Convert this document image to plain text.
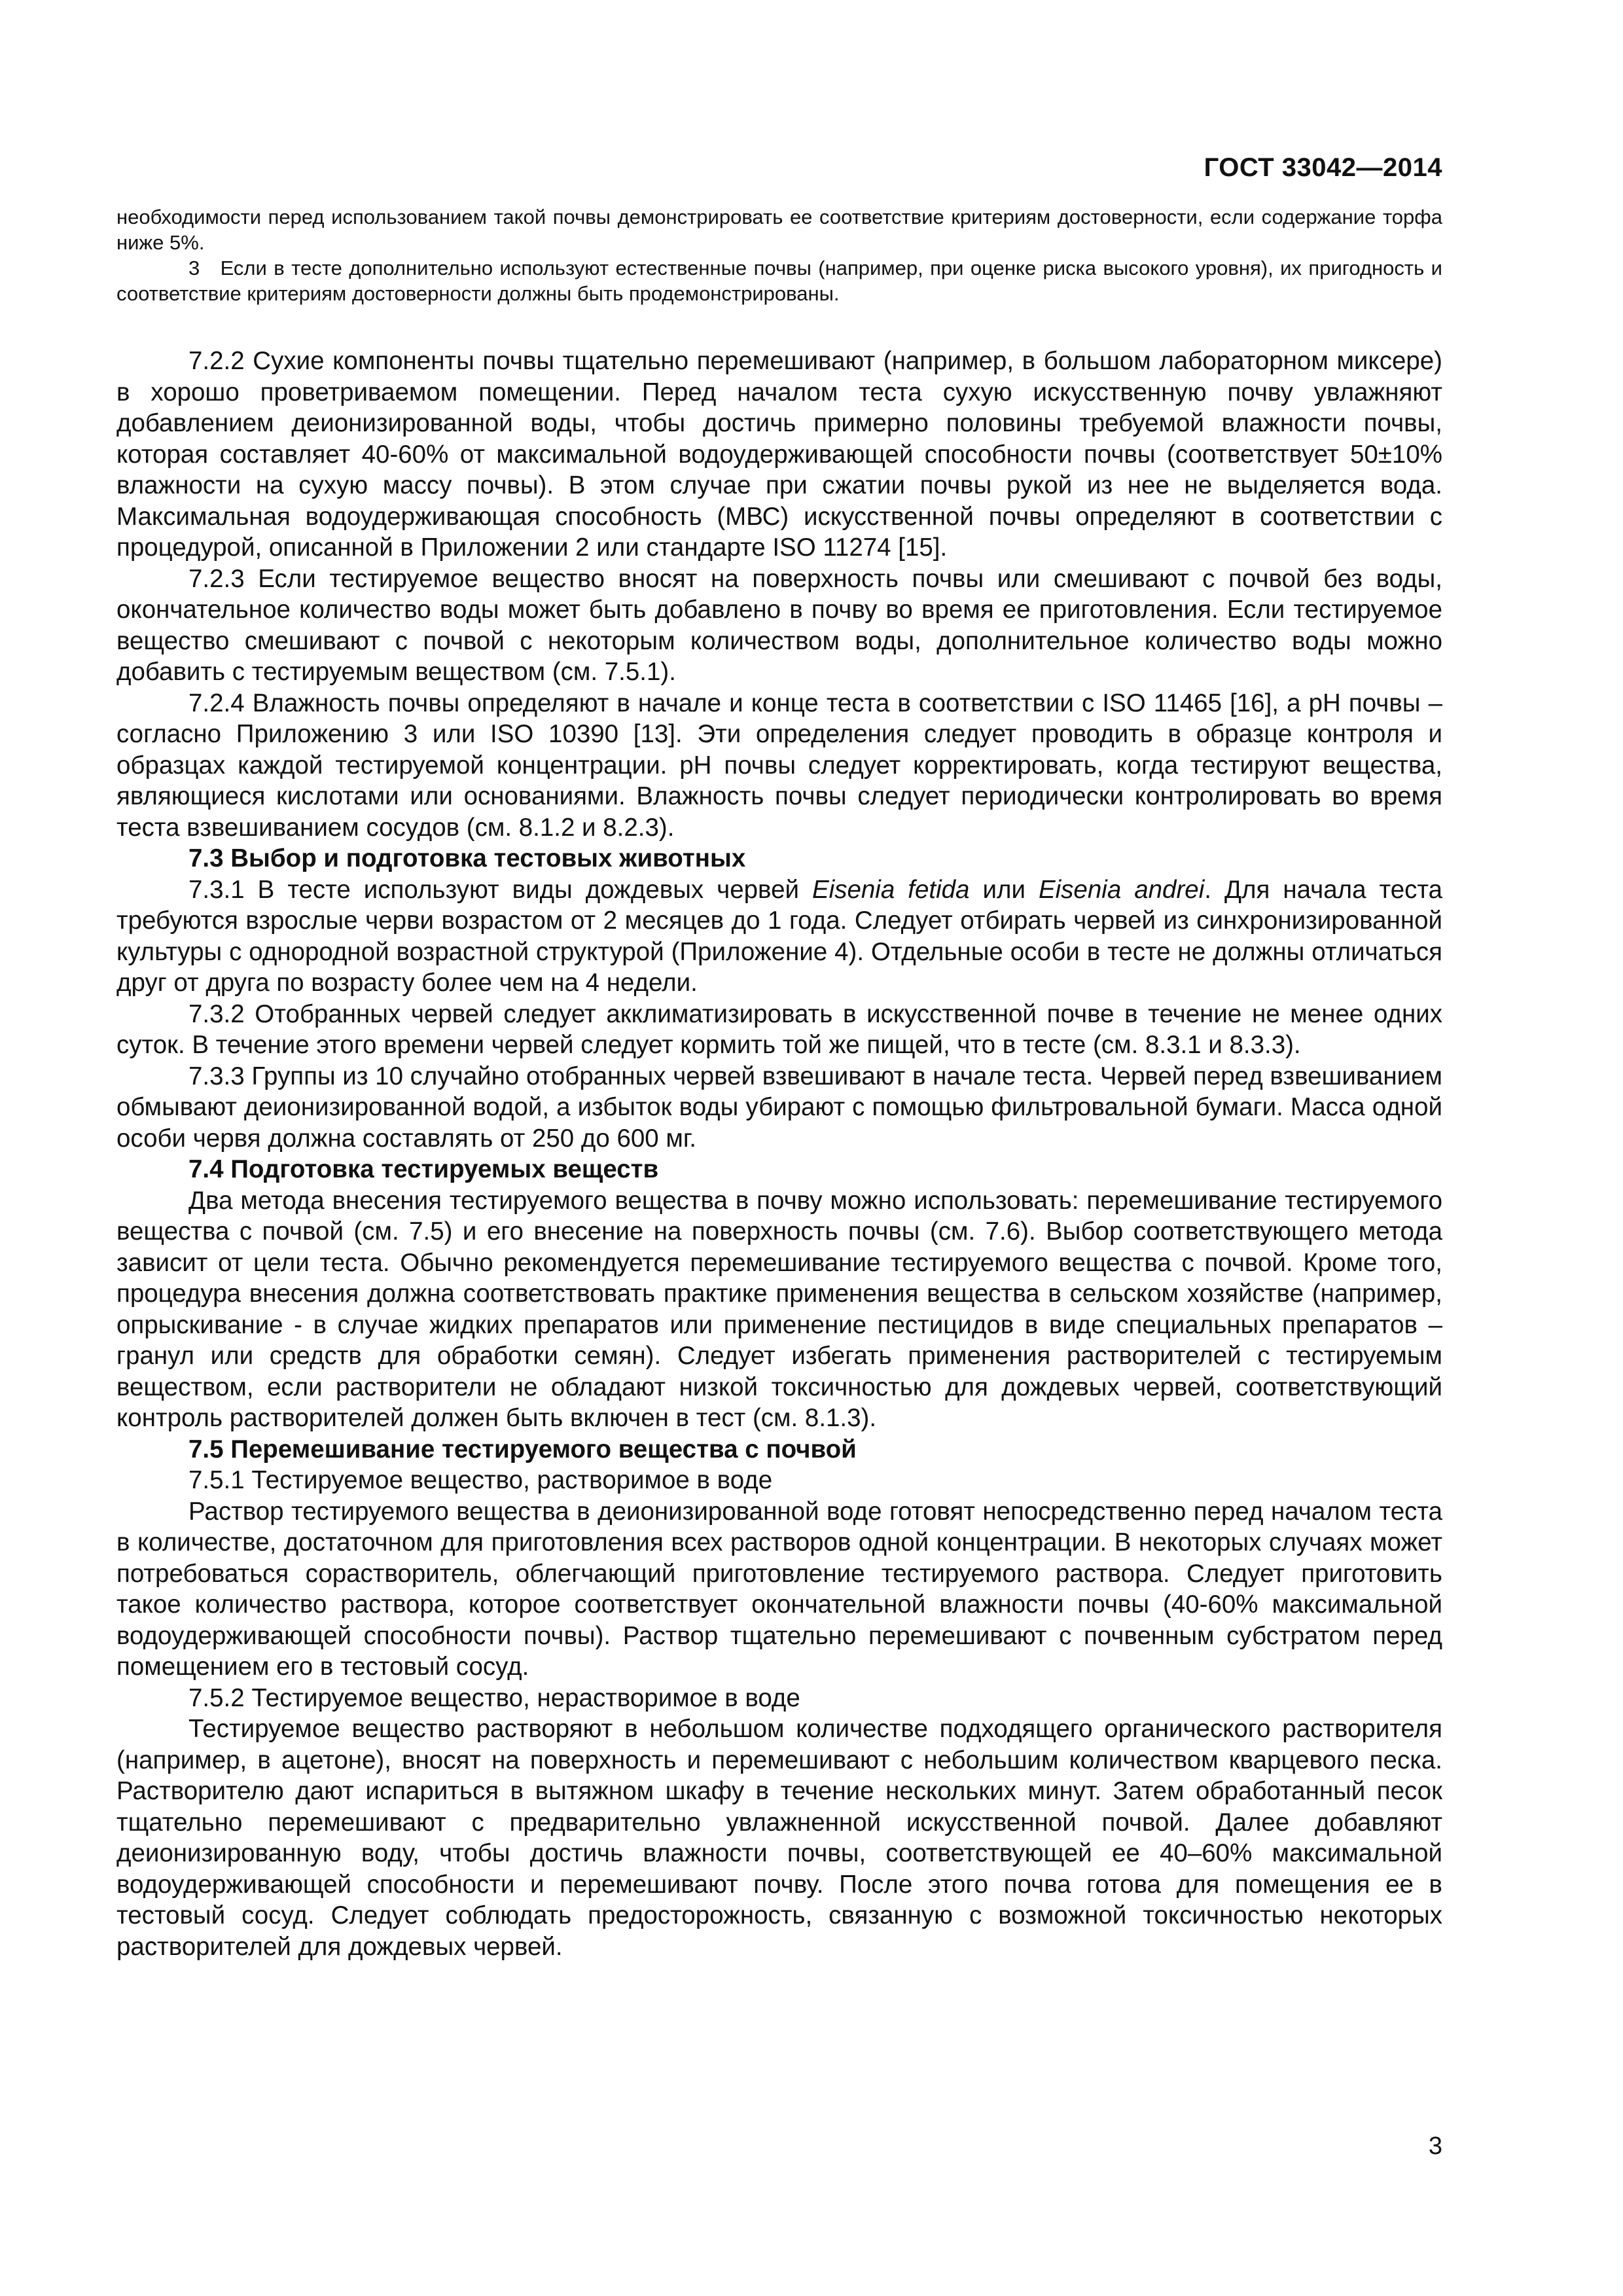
ГОСТ 33042—2014

необходимости перед использованием такой почвы демонстрировать ее соответствие критериям достоверности, если содержание торфа ниже 5%.

3 Если в тесте дополнительно используют естественные почвы (например, при оценке риска высокого уровня), их пригодность и соответствие критериям достоверности должны быть продемонстрированы.

7.2.2 Сухие компоненты почвы тщательно перемешивают (например, в большом лабораторном миксере) в хорошо проветриваемом помещении. Перед началом теста сухую искусственную почву увлажняют добавлением деионизированной воды, чтобы достичь примерно половины требуемой влажности почвы, которая составляет 40-60% от максимальной водоудерживающей способности почвы (соответствует 50±10% влажности на сухую массу почвы). В этом случае при сжатии почвы рукой из нее не выделяется вода. Максимальная водоудерживающая способность (МВС) искусственной почвы определяют в соответствии с процедурой, описанной в Приложении 2 или стандарте ISO 11274 [15].

7.2.3 Если тестируемое вещество вносят на поверхность почвы или смешивают с почвой без воды, окончательное количество воды может быть добавлено в почву во время ее приготовления. Если тестируемое вещество смешивают с почвой с некоторым количеством воды, дополнительное количество воды можно добавить с тестируемым веществом (см. 7.5.1).

7.2.4 Влажность почвы определяют в начале и конце теста в соответствии с ISO 11465 [16], а pH почвы – согласно Приложению 3 или ISO 10390 [13]. Эти определения следует проводить в образце контроля и образцах каждой тестируемой концентрации. pH почвы следует корректировать, когда тестируют вещества, являющиеся кислотами или основаниями. Влажность почвы следует периодически контролировать во время теста взвешиванием сосудов (см. 8.1.2 и 8.2.3).

7.3 Выбор и подготовка тестовых животных

7.3.1 В тесте используют виды дождевых червей Eisenia fetida или Eisenia andrei. Для начала теста требуются взрослые черви возрастом от 2 месяцев до 1 года. Следует отбирать червей из синхронизированной культуры с однородной возрастной структурой (Приложение 4). Отдельные особи в тесте не должны отличаться друг от друга по возрасту более чем на 4 недели.

7.3.2 Отобранных червей следует акклиматизировать в искусственной почве в течение не менее одних суток. В течение этого времени червей следует кормить той же пищей, что в тесте (см. 8.3.1 и 8.3.3).

7.3.3 Группы из 10 случайно отобранных червей взвешивают в начале теста. Червей перед взвешиванием обмывают деионизированной водой, а избыток воды убирают с помощью фильтровальной бумаги. Масса одной особи червя должна составлять от 250 до 600 мг.

7.4 Подготовка тестируемых веществ

Два метода внесения тестируемого вещества в почву можно использовать: перемешивание тестируемого вещества с почвой (см. 7.5) и его внесение на поверхность почвы (см. 7.6). Выбор соответствующего метода зависит от цели теста. Обычно рекомендуется перемешивание тестируемого вещества с почвой. Кроме того, процедура внесения должна соответствовать практике применения вещества в сельском хозяйстве (например, опрыскивание - в случае жидких препаратов или применение пестицидов в виде специальных препаратов – гранул или средств для обработки семян). Следует избегать применения растворителей с тестируемым веществом, если растворители не обладают низкой токсичностью для дождевых червей, соответствующий контроль растворителей должен быть включен в тест (см. 8.1.3).

7.5 Перемешивание тестируемого вещества с почвой

7.5.1 Тестируемое вещество, растворимое в воде

Раствор тестируемого вещества в деионизированной воде готовят непосредственно перед началом теста в количестве, достаточном для приготовления всех растворов одной концентрации. В некоторых случаях может потребоваться сорастворитель, облегчающий приготовление тестируемого раствора. Следует приготовить такое количество раствора, которое соответствует окончательной влажности почвы (40-60% максимальной водоудерживающей способности почвы). Раствор тщательно перемешивают с почвенным субстратом перед помещением его в тестовый сосуд.

7.5.2 Тестируемое вещество, нерастворимое в воде

Тестируемое вещество растворяют в небольшом количестве подходящего органического растворителя (например, в ацетоне), вносят на поверхность и перемешивают с небольшим количеством кварцевого песка. Растворителю дают испариться в вытяжном шкафу в течение нескольких минут. Затем обработанный песок тщательно перемешивают с предварительно увлажненной искусственной почвой. Далее добавляют деионизированную воду, чтобы достичь влажности почвы, соответствующей ее 40–60% максимальной водоудерживающей способности и перемешивают почву. После этого почва готова для помещения ее в тестовый сосуд. Следует соблюдать предосторожность, связанную с возможной токсичностью некоторых растворителей для дождевых червей.

3
